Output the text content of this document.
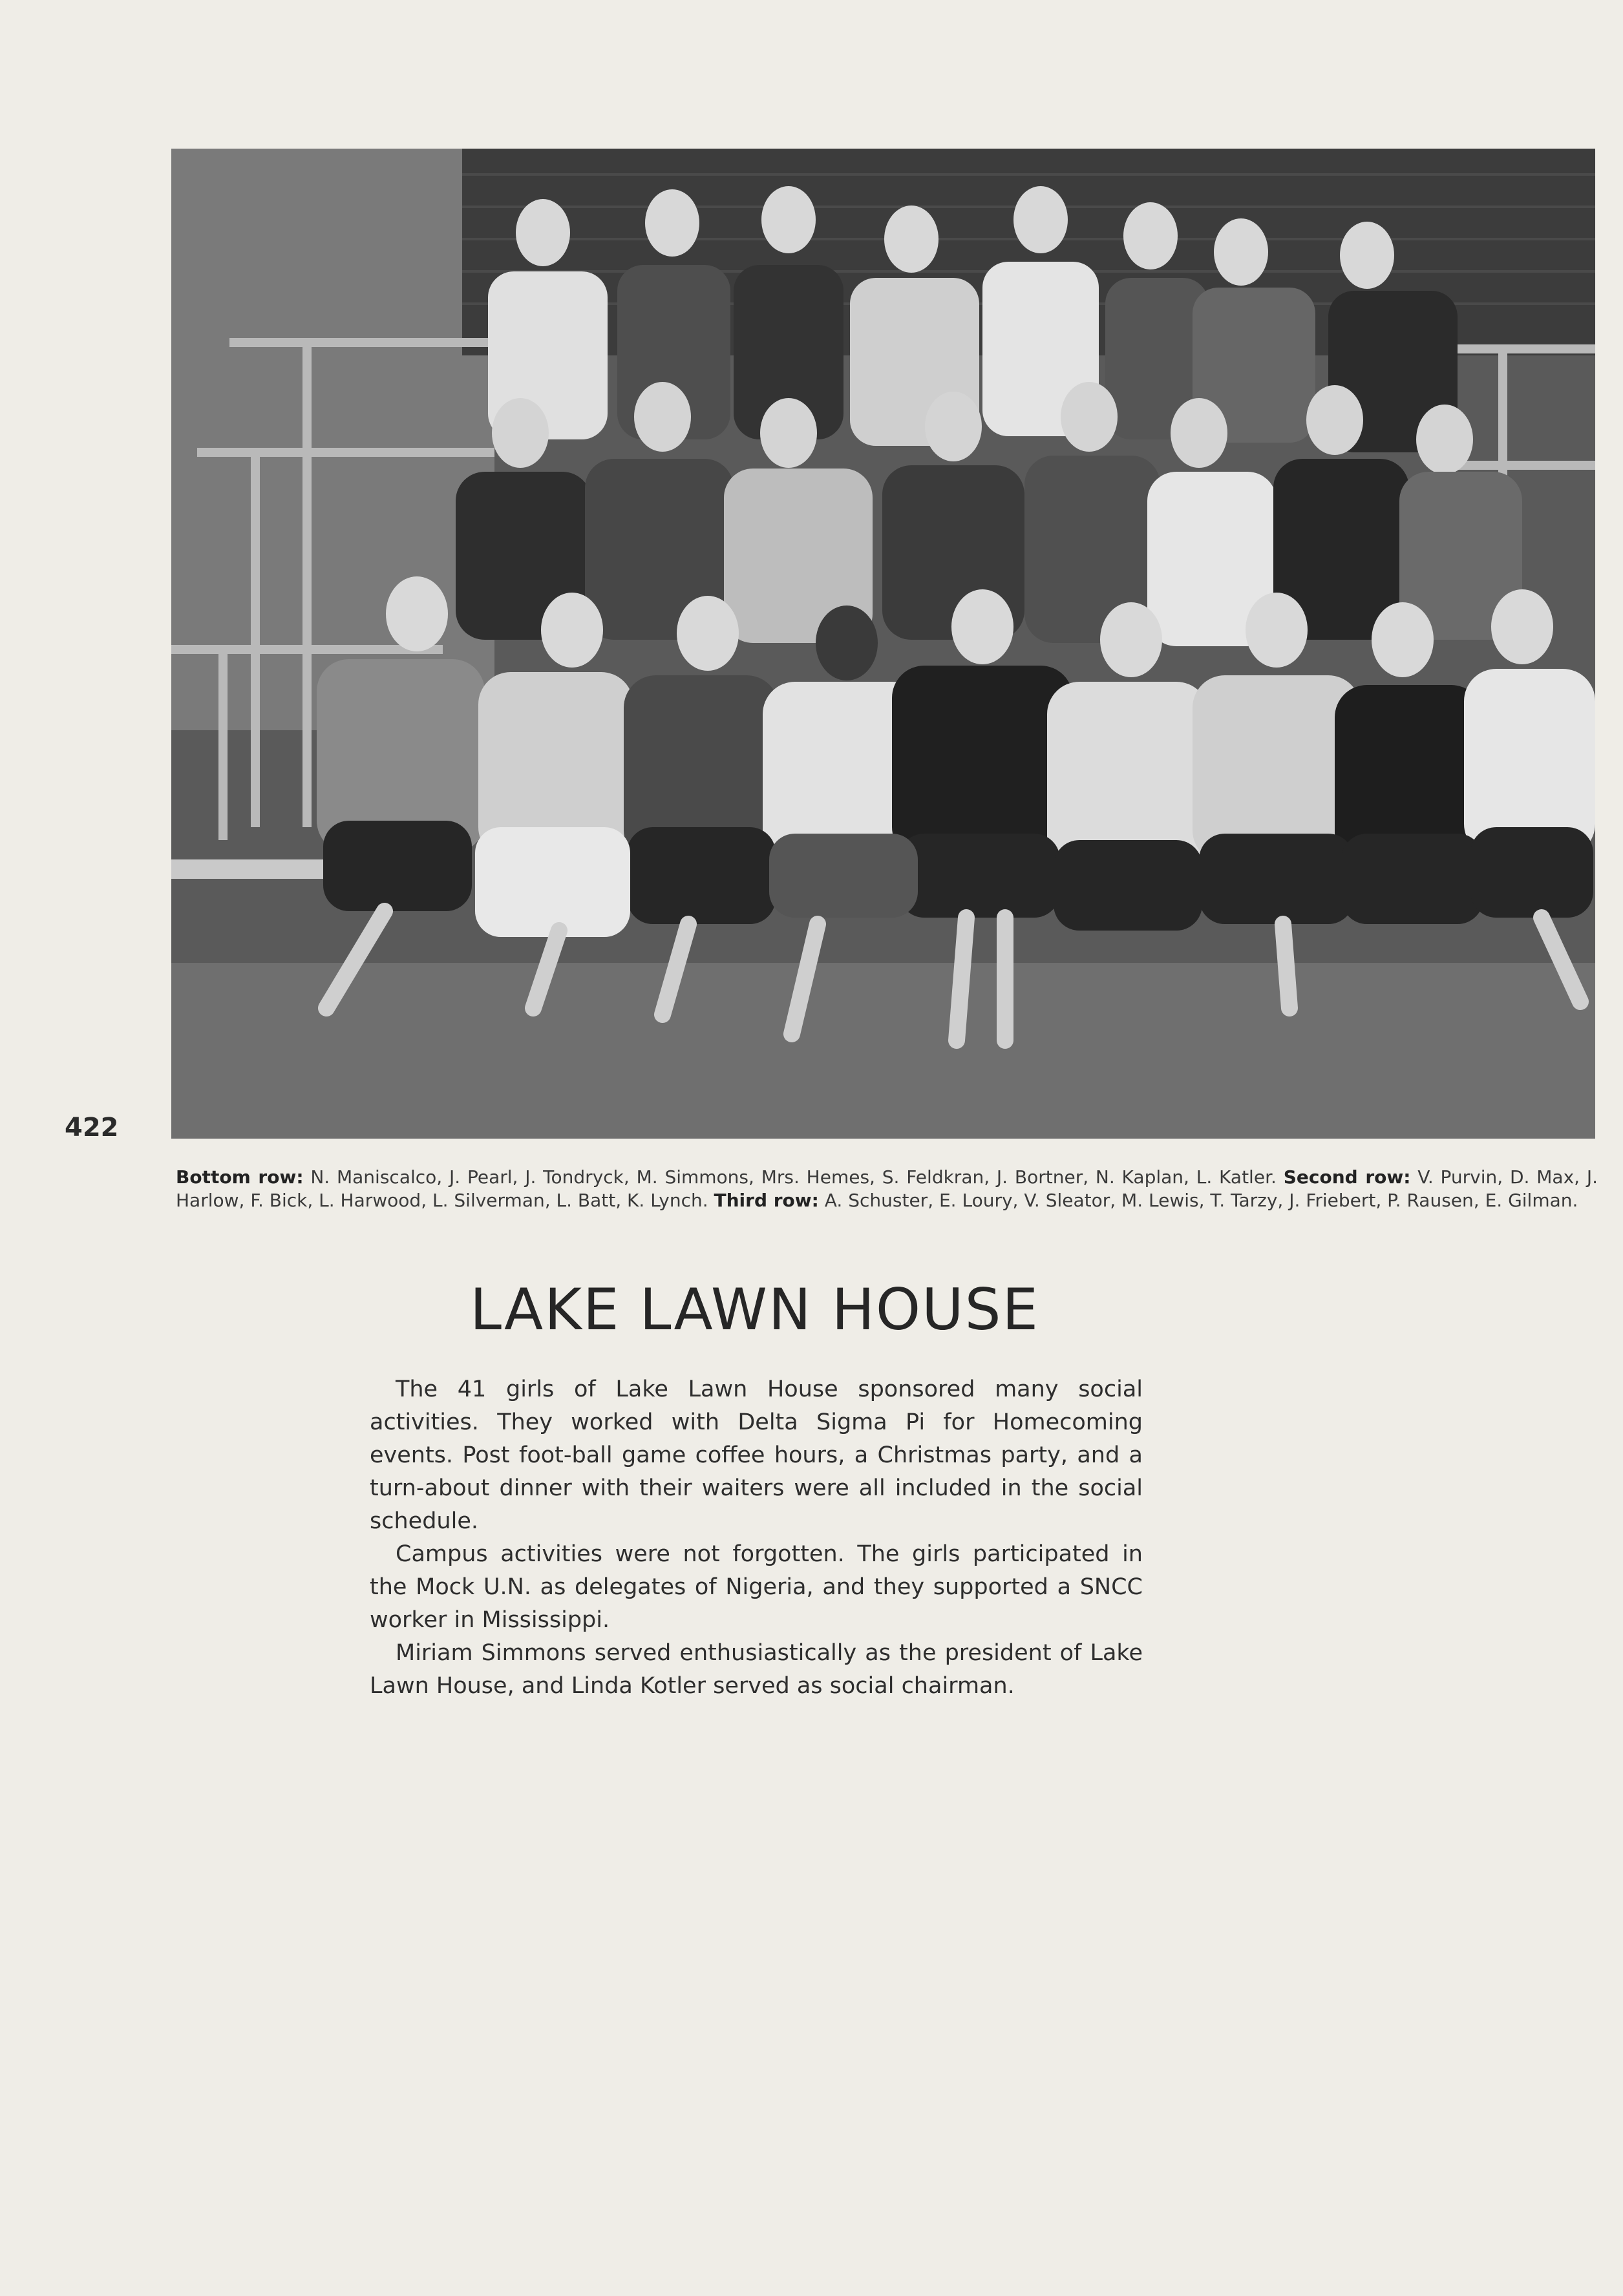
422
Bottom row: N. Maniscalco, J. Pearl, J. Tondryck, M. Simmons, Mrs. Hemes, S. Feldkran, J. Bortner, N. Kaplan, L. Katler. Second row: V. Purvin, D. Max, J. Harlow, F. Bick, L. Harwood, L. Silverman, L. Batt, K. Lynch. Third row: A. Schuster, E. Loury, V. Sleator, M. Lewis, T. Tarzy, J. Friebert, P. Rausen, E. Gilman.
LAKE LAWN HOUSE

The 41 girls of Lake Lawn House sponsored many social activities. They worked with Delta Sigma Pi for Homecoming events. Post foot-ball game coffee hours, a Christmas party, and a turn-about dinner with their waiters were all included in the social schedule.

Campus activities were not forgotten. The girls participated in the Mock U.N. as delegates of Nigeria, and they supported a SNCC worker in Mississippi.

Miriam Simmons served enthusiastically as the president of Lake Lawn House, and Linda Kotler served as social chairman.
